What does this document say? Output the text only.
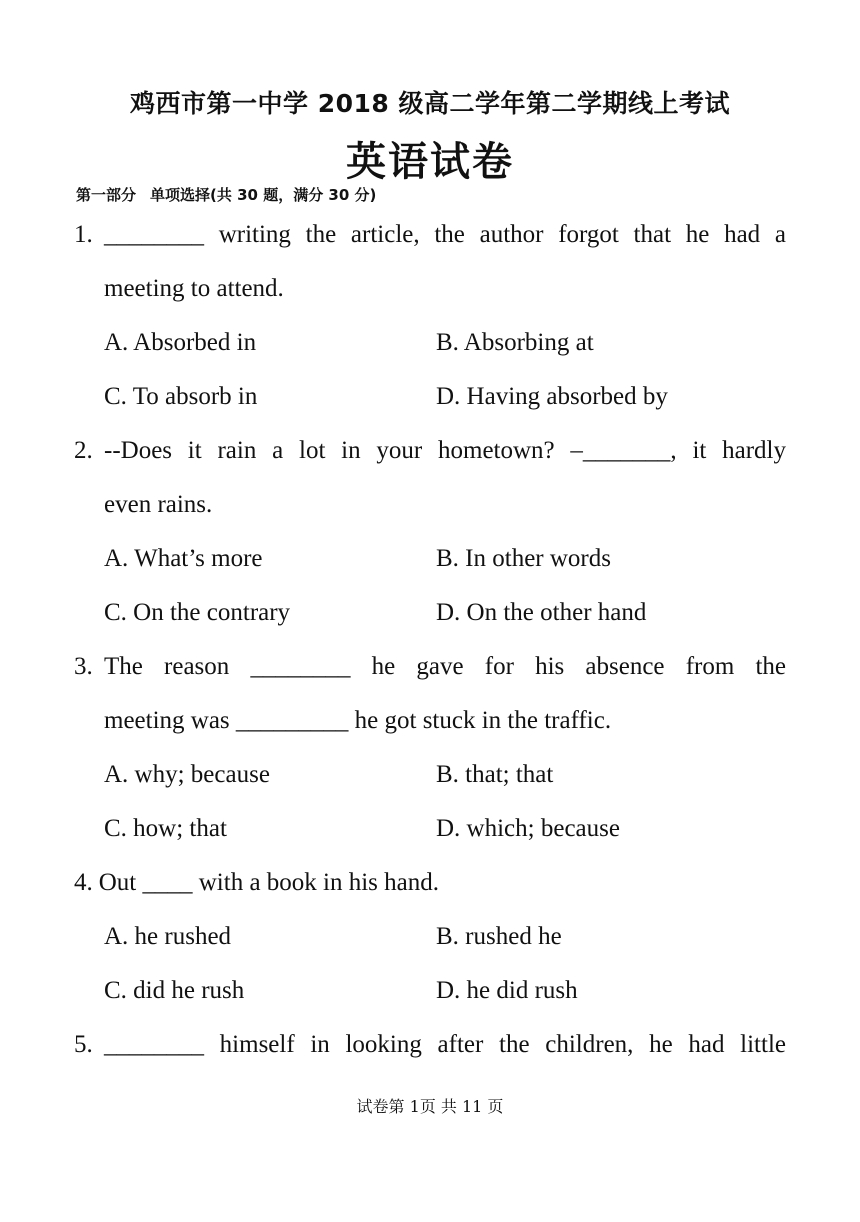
鸡西市第一中学 2018 级高二学年第二学期线上考试
英语试卷
第一部分 单项选择(共 30 题，满分 30 分)
1. ________ writing the article, the author forgot that he had a
meeting to attend.
A. Absorbed in	B. Absorbing at
C. To absorb in	D. Having absorbed by
2. --Does it rain a lot in your hometown? –_______, it hardly
even rains.
A. What’s more	B. In other words
C. On the contrary	D. On the other hand
3. The reason ________ he gave for his absence from the
meeting was _________ he got stuck in the traffic.
A. why; because	B. that; that
C. how; that	D. which; because
4. Out ____ with a book in his hand.
A. he rushed	B. rushed he
C. did he rush	D. he did rush
5. ________ himself in looking after the children, he had little
试卷第 1页 共 11 页
